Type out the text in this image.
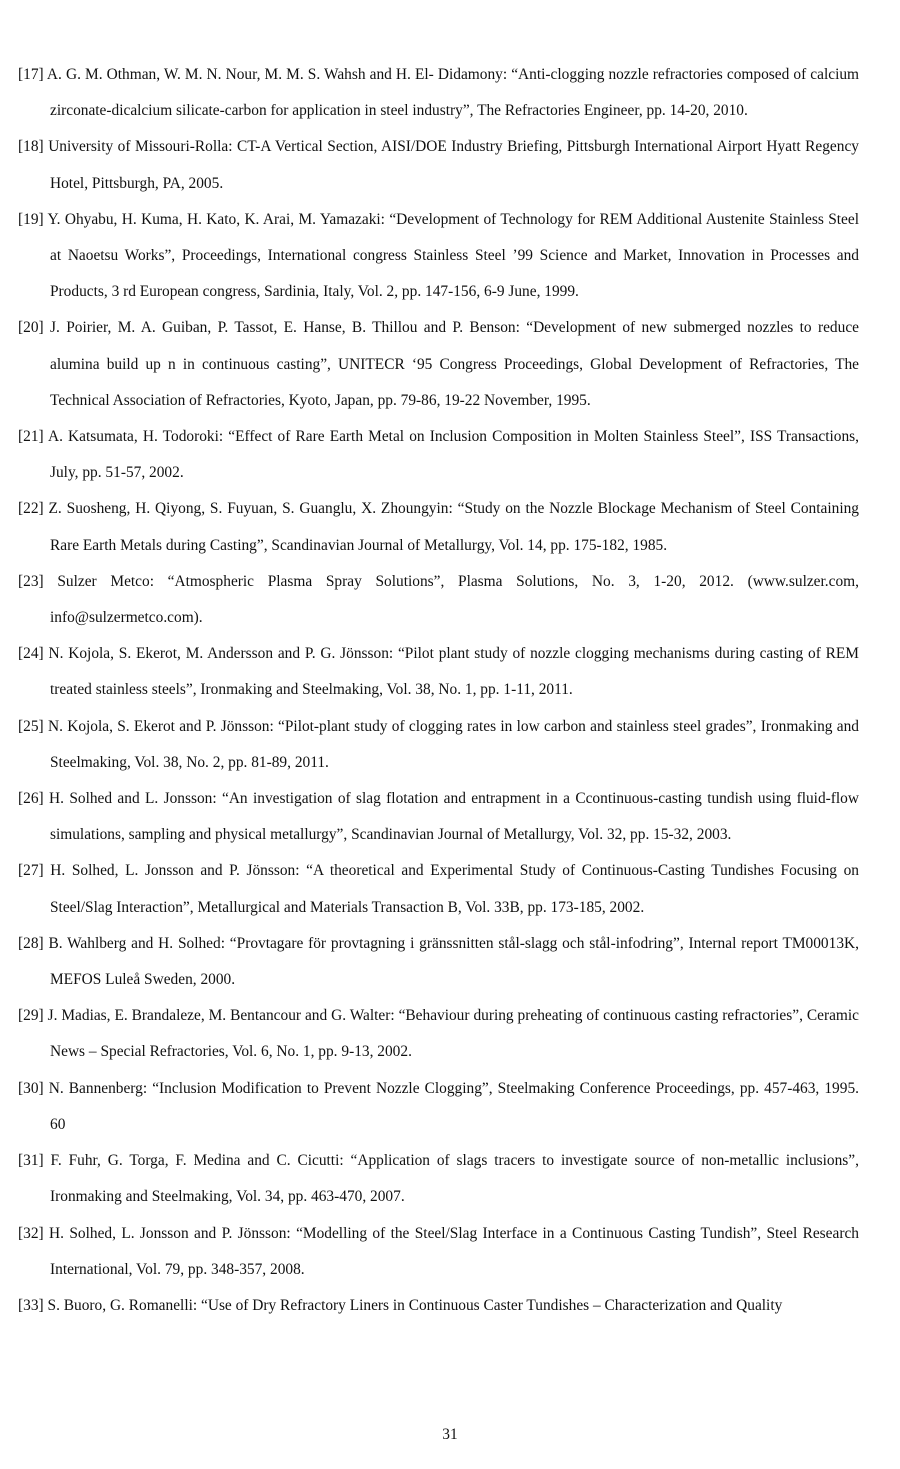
[17] A. G. M. Othman, W. M. N. Nour, M. M. S. Wahsh and H. El- Didamony: “Anti-clogging nozzle refractories composed of calcium zirconate-dicalcium silicate-carbon for application in steel industry”, The Refractories Engineer, pp. 14-20, 2010.
[18] University of Missouri-Rolla: CT-A Vertical Section, AISI/DOE Industry Briefing, Pittsburgh International Airport Hyatt Regency Hotel, Pittsburgh, PA, 2005.
[19] Y. Ohyabu, H. Kuma, H. Kato, K. Arai, M. Yamazaki: “Development of Technology for REM Additional Austenite Stainless Steel at Naoetsu Works”, Proceedings, International congress Stainless Steel ’99 Science and Market, Innovation in Processes and Products, 3 rd European congress, Sardinia, Italy, Vol. 2, pp. 147-156, 6-9 June, 1999.
[20] J. Poirier, M. A. Guiban, P. Tassot, E. Hanse, B. Thillou and P. Benson: “Development of new submerged nozzles to reduce alumina build up n in continuous casting”, UNITECR ‘95 Congress Proceedings, Global Development of Refractories, The Technical Association of Refractories, Kyoto, Japan, pp. 79-86, 19-22 November, 1995.
[21] A. Katsumata, H. Todoroki: “Effect of Rare Earth Metal on Inclusion Composition in Molten Stainless Steel”, ISS Transactions, July, pp. 51-57, 2002.
[22] Z. Suosheng, H. Qiyong, S. Fuyuan, S. Guanglu, X. Zhoungyin: “Study on the Nozzle Blockage Mechanism of Steel Containing Rare Earth Metals during Casting”, Scandinavian Journal of Metallurgy, Vol. 14, pp. 175-182, 1985.
[23] Sulzer Metco: “Atmospheric Plasma Spray Solutions”, Plasma Solutions, No. 3, 1-20, 2012. (www.sulzer.com, info@sulzermetco.com).
[24] N. Kojola, S. Ekerot, M. Andersson and P. G. Jönsson: “Pilot plant study of nozzle clogging mechanisms during casting of REM treated stainless steels”, Ironmaking and Steelmaking, Vol. 38, No. 1, pp. 1-11, 2011.
[25] N. Kojola, S. Ekerot and P. Jönsson: “Pilot-plant study of clogging rates in low carbon and stainless steel grades”, Ironmaking and Steelmaking, Vol. 38, No. 2, pp. 81-89, 2011.
[26] H. Solhed and L. Jonsson: “An investigation of slag flotation and entrapment in a Ccontinuous-casting tundish using fluid-flow simulations, sampling and physical metallurgy”, Scandinavian Journal of Metallurgy, Vol. 32, pp. 15-32, 2003.
[27] H. Solhed, L. Jonsson and P. Jönsson: “A theoretical and Experimental Study of Continuous-Casting Tundishes Focusing on Steel/Slag Interaction”, Metallurgical and Materials Transaction B, Vol. 33B, pp. 173-185, 2002.
[28] B. Wahlberg and H. Solhed: “Provtagare för provtagning i gränssnitten stål-slagg och stål-infodring”, Internal report TM00013K, MEFOS Luleå Sweden, 2000.
[29] J. Madias, E. Brandaleze, M. Bentancour and G. Walter: “Behaviour during preheating of continuous casting refractories”, Ceramic News – Special Refractories, Vol. 6, No. 1, pp. 9-13, 2002.
[30] N. Bannenberg: “Inclusion Modification to Prevent Nozzle Clogging”, Steelmaking Conference Proceedings, pp. 457-463, 1995. 60
[31] F. Fuhr, G. Torga, F. Medina and C. Cicutti: “Application of slags tracers to investigate source of non-metallic inclusions”, Ironmaking and Steelmaking, Vol. 34, pp. 463-470, 2007.
[32] H. Solhed, L. Jonsson and P. Jönsson: “Modelling of the Steel/Slag Interface in a Continuous Casting Tundish”, Steel Research International, Vol. 79, pp. 348-357, 2008.
[33] S. Buoro, G. Romanelli: “Use of Dry Refractory Liners in Continuous Caster Tundishes – Characterization and Quality
31
